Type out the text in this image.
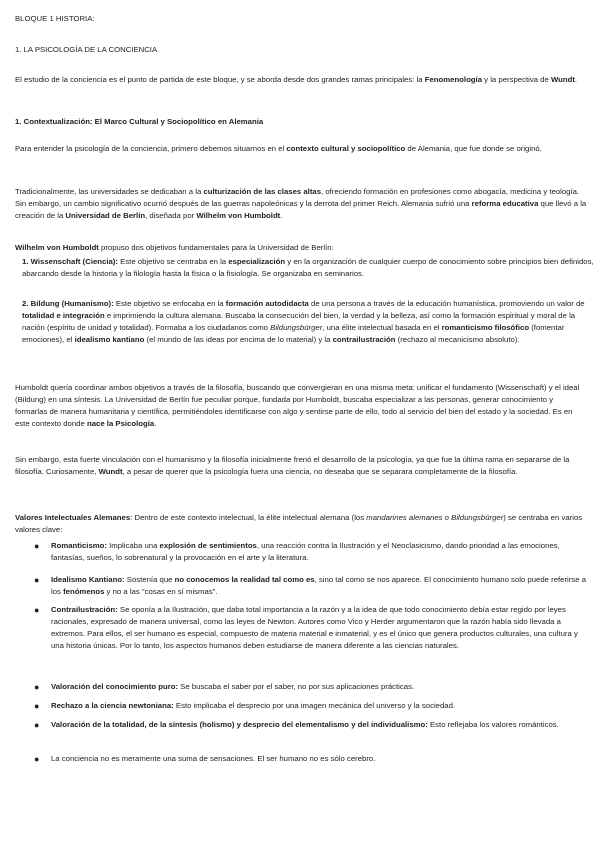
BLOQUE 1 HISTORIA:

1. LA PSICOLOGÍA DE LA CONCIENCIA

El estudio de la conciencia es el punto de partida de este bloque, y se aborda desde dos grandes ramas principales: la Fenomenología y la perspectiva de Wundt.

1. Contextualización: El Marco Cultural y Sociopolítico en Alemania

Para entender la psicología de la conciencia, primero debemos situarnos en el contexto cultural y sociopolítico de Alemania, que fue donde se originó.

Tradicionalmente, las universidades se dedicaban a la culturización de las clases altas, ofreciendo formación en profesiones como abogacía, medicina y teología. Sin embargo, un cambio significativo ocurrió después de las guerras napoleónicas y la derrota del primer Reich. Alemania sufrió una reforma educativa que llevó a la creación de la Universidad de Berlín, diseñada por Wilhelm von Humboldt.

Wilhelm von Humboldt propuso dos objetivos fundamentales para la Universidad de Berlín:

1. Wissenschaft (Ciencia): Este objetivo se centraba en la especialización y en la organización de cualquier cuerpo de conocimiento sobre principios bien definidos, abarcando desde la historia y la filología hasta la física o la fisiología. Se organizaba en seminarios.

2. Bildung (Humanismo): Este objetivo se enfocaba en la formación autodidacta de una persona a través de la educación humanística, promoviendo un valor de totalidad e integración e imprimiendo la cultura alemana. Buscaba la consecución del bien, la verdad y la belleza, así como la formación espiritual y moral de la nación (espíritu de unidad y totalidad). Formaba a los ciudadanos como Bildungsbürger, una élite intelectual basada en el romanticismo filosófico (fomentar emociones), el idealismo kantiano (el mundo de las ideas por encima de lo material) y la contrailustración (rechazo al mecanicismo absoluto).

Humboldt quería coordinar ambos objetivos a través de la filosofía, buscando que convergieran en una misma meta: unificar el fundamento (Wissenschaft) y el ideal (Bildung) en una síntesis. La Universidad de Berlín fue peculiar porque, fundada por Humboldt, buscaba especializar a las personas, generar conocimiento y formarlas de manera humanitaria y científica, permitiéndoles identificarse con algo y sentirse parte de ello, todo al servicio del bien del estado y la sociedad. Es en este contexto donde nace la Psicología.

Sin embargo, esta fuerte vinculación con el humanismo y la filosofía inicialmente frenó el desarrollo de la psicología, ya que fue la última rama en separarse de la filosofía. Curiosamente, Wundt, a pesar de querer que la psicología fuera una ciencia, no deseaba que se separara completamente de la filosofía.

Valores Intelectuales Alemanes: Dentro de este contexto intelectual, la élite intelectual alemana (los mandarines alemanes o Bildungsbürger) se centraba en varios valores clave:

● Romanticismo: Implicaba una explosión de sentimientos, una reacción contra la Ilustración y el Neoclasicismo, dando prioridad a las emociones, fantasías, sueños, lo sobrenatural y la provocación en el arte y la literatura.
● Idealismo Kantiano: Sostenía que no conocemos la realidad tal como es, sino tal como se nos aparece. El conocimiento humano solo puede referirse a los fenómenos y no a las "cosas en sí mismas".
● Contrailustración: Se oponía a la Ilustración, que daba total importancia a la razón y a la idea de que todo conocimiento debía estar regido por leyes racionales, expresado de manera universal, como las leyes de Newton. Autores como Vico y Herder argumentaron que la razón había sido llevada a extremos. Para ellos, el ser humano es especial, compuesto de materia material e inmaterial, y es el único que genera productos culturales, una cultura y una historia únicas. Por lo tanto, los aspectos humanos deben estudiarse de manera diferente a las ciencias naturales.
● Valoración del conocimiento puro: Se buscaba el saber por el saber, no por sus aplicaciones prácticas.
● Rechazo a la ciencia newtoniana: Esto implicaba el desprecio por una imagen mecánica del universo y la sociedad.
● Valoración de la totalidad, de la síntesis (holismo) y desprecio del elementalismo y del individualismo: Esto reflejaba los valores románticos.
● La conciencia no es meramente una suma de sensaciones. El ser humano no es sólo cerebro.
